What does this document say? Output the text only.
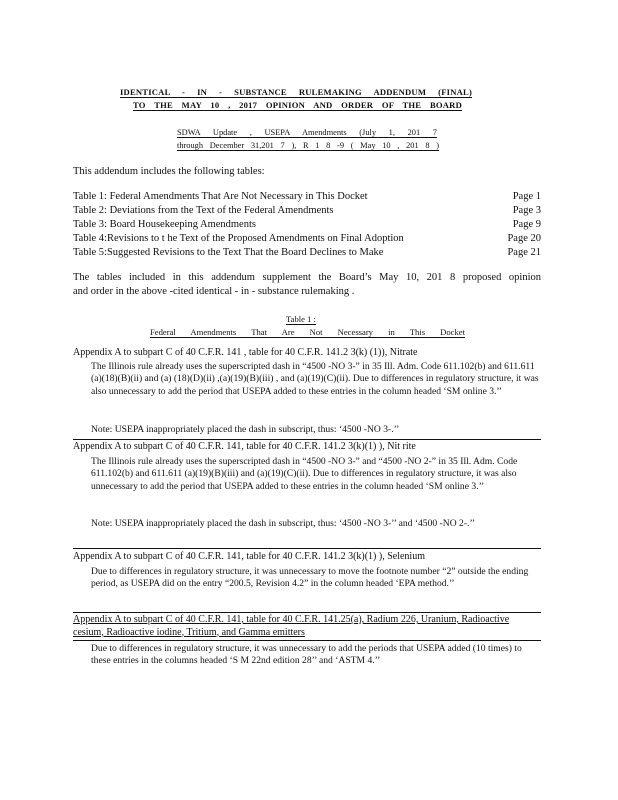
IDENTICAL - IN - SUBSTANCE RULEMAKING ADDENDUM (FINAL)
TO THE MAY 10 , 2017 OPINION AND ORDER OF THE BOARD
SDWA Update , USEPA Amendments (July 1, 201 7
through December 31,201 7 ), R 1 8 -9 ( May 10 , 201 8 )
This addendum includes the following tables:
Table 1: Federal Amendments That Are Not Necessary in This Docket	Page 1
Table 2: Deviations from the Text of the Federal Amendments	Page 3
Table 3: Board Housekeeping Amendments	Page 9
Table 4:Revisions to t he Text of the Proposed Amendments on Final Adoption	Page 20
Table 5:Suggested Revisions to the Text That the Board Declines to Make	Page 21
The tables included in this addendum supplement the Board’s May 10, 201 8 proposed opinion
and order in the above -cited identical - in - substance rulemaking .
Table 1 :
Federal Amendments That Are Not Necessary in This Docket
Appendix A to subpart C of 40 C.F.R. 141 , table for 40 C.F.R. 141.2 3(k) (1)), Nitrate
The Illinois rule already uses the superscripted dash in “4500 -NO 3-” in 35 Ill. Adm. Code 611.102(b) and 611.611 (a)(18)(B)(ii) and (a) (18)(D)(ii) ,(a)(19)(B)(iii) , and (a)(19)(C)(ii). Due to differences in regulatory structure, it was also unnecessary to add the period that USEPA added to these entries in the column headed ‘SM online 3.’’
Note: USEPA inappropriately placed the dash in subscript, thus: ‘4500 -NO 3-.’’
Appendix A to subpart C of 40 C.F.R. 141, table for 40 C.F.R. 141.2 3(k)(1) ), Nit rite
The Illinois rule already uses the superscripted dash in “4500 -NO 3-” and “4500 -NO 2-” in 35 Ill. Adm. Code 611.102(b) and 611.611 (a)(19)(B)(iii) and (a)(19)(C)(ii). Due to differences in regulatory structure, it was also unnecessary to add the period that USEPA added to these entries in the column headed ‘SM online 3.’’
Note: USEPA inappropriately placed the dash in subscript, thus: ‘4500 -NO 3-’’ and ‘4500 -NO 2-.’’
Appendix A to subpart C of 40 C.F.R. 141, table for 40 C.F.R. 141.2 3(k)(1) ), Selenium
Due to differences in regulatory structure, it was unnecessary to move the footnote number “2” outside the ending period, as USEPA did on the entry “200.5, Revision 4.2” in the column headed ‘EPA method.’’
Appendix A to subpart C of 40 C.F.R. 141, table for 40 C.F.R. 141.25(a), Radium 226, Uranium, Radioactive cesium, Radioactive iodine, Tritium, and Gamma emitters
Due to differences in regulatory structure, it was unnecessary to add the periods that USEPA added (10 times) to these entries in the columns headed ‘S M 22nd edition 28’’ and ‘ASTM 4.’’
